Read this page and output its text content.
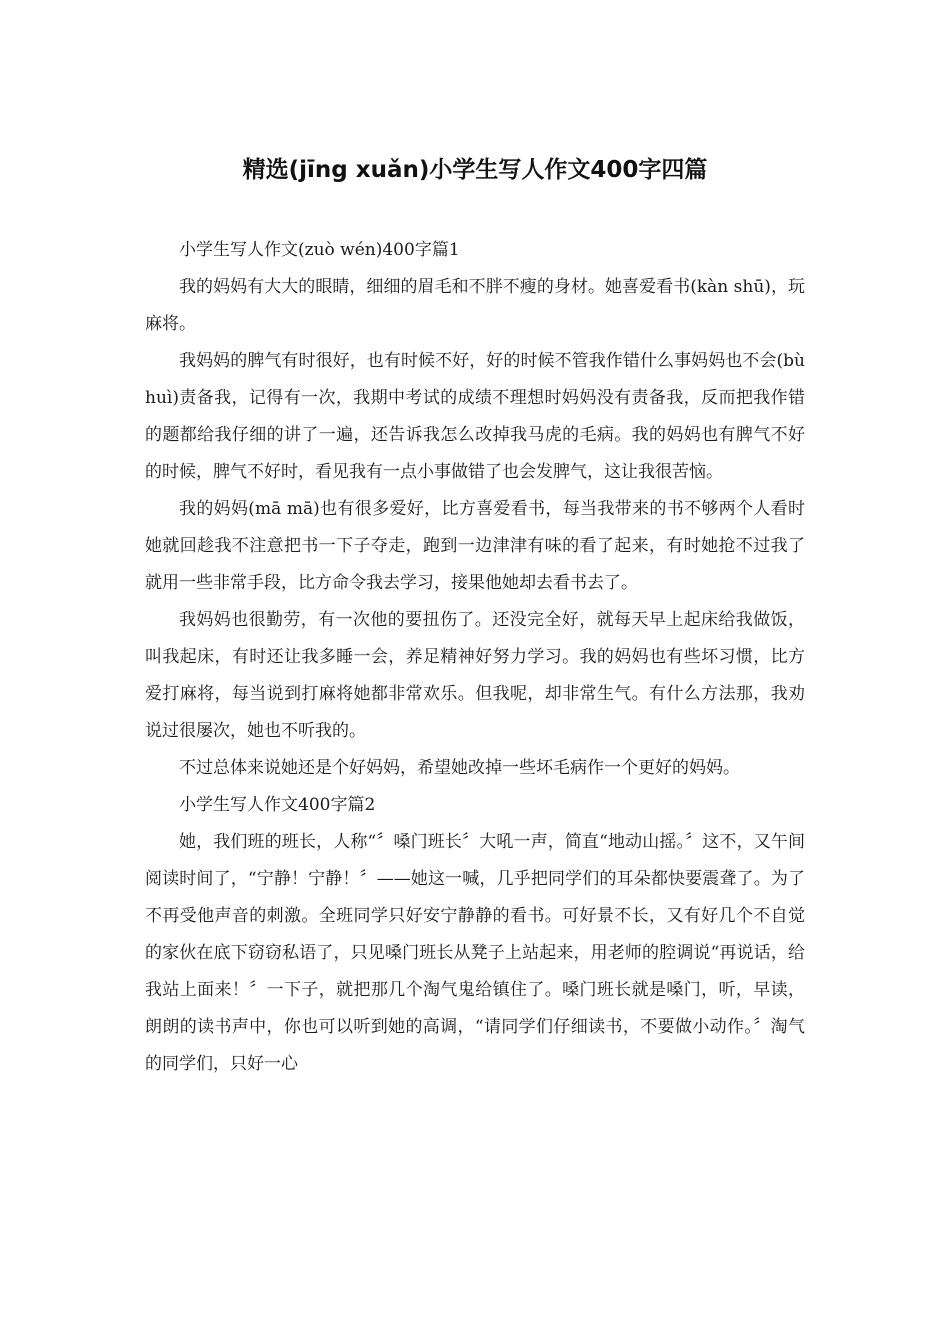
精选(jīng xuǎn)小学生写人作文400字四篇

小学生写人作文(zuò wén)400字篇1

我的妈妈有大大的眼睛，细细的眉毛和不胖不瘦的身材。她喜爱看书(kàn shū)，玩麻将。

我妈妈的脾气有时很好，也有时候不好，好的时候不管我作错什么事妈妈也不会(bù huì)责备我，记得有一次，我期中考试的成绩不理想时妈妈没有责备我，反而把我作错的题都给我仔细的讲了一遍，还告诉我怎么改掉我马虎的毛病。我的妈妈也有脾气不好的时候，脾气不好时，看见我有一点小事做错了也会发脾气，这让我很苦恼。

我的妈妈(mā mā)也有很多爱好，比方喜爱看书，每当我带来的书不够两个人看时她就回趁我不注意把书一下子夺走，跑到一边津津有味的看了起来，有时她抢不过我了就用一些非常手段，比方命令我去学习，接果他她却去看书去了。

我妈妈也很勤劳，有一次他的要扭伤了。还没完全好，就每天早上起床给我做饭，叫我起床，有时还让我多睡一会，养足精神好努力学习。我的妈妈也有些坏习惯，比方爱打麻将，每当说到打麻将她都非常欢乐。但我呢，却非常生气。有什么方法那，我劝说过很屡次，她也不听我的。

不过总体来说她还是个好妈妈，希望她改掉一些坏毛病作一个更好的妈妈。

小学生写人作文400字篇2

她，我们班的班长，人称“〞嗓门班长〞大吼一声，简直“地动山摇。〞这不，又午间阅读时间了，“宁静！宁静！〞——她这一喊，几乎把同学们的耳朵都快要震聋了。为了不再受他声音的刺激。全班同学只好安宁静静的看书。可好景不长，又有好几个不自觉的家伙在底下窃窃私语了，只见嗓门班长从凳子上站起来，用老师的腔调说“再说话，给我站上面来！〞一下子，就把那几个淘气鬼给镇住了。嗓门班长就是嗓门，听，早读，朗朗的读书声中，你也可以听到她的高调，“请同学们仔细读书，不要做小动作。〞淘气的同学们，只好一心
